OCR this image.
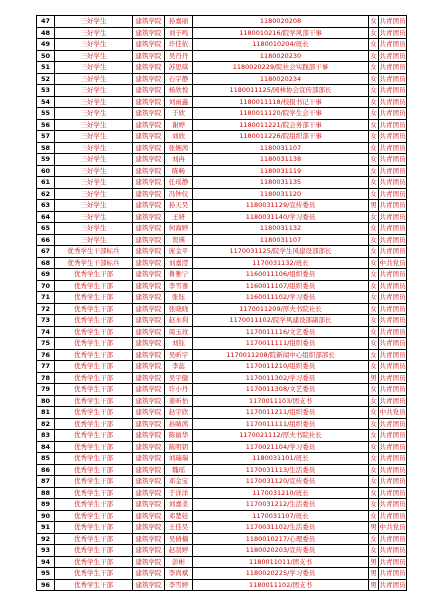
47	三好学生	建筑学院	孙嘉丽	1180020208	女	共青团员
48	三好学生	建筑学院	刘子鸣	1180010216/院学风部干事	女	共青团员
49	三好学生	建筑学院	许佳依	1180010204/班长	女	共青团员
50	三好学生	建筑学院	吴丹丹	1180020230	女	共青团员
51	三好学生	建筑学院	苏思琪	1180020229/院社会实践部干事	女	共青团员
52	三好学生	建筑学院	石宇静	1180020234	女	共青团员
53	三好学生	建筑学院	杨欣悦	1180011125/园林协会宣传部部长	女	共青团员
54	三好学生	建筑学院	刘雨鑫	1180011118/校报书记干事	女	共青团员
55	三好学生	建筑学院	于欣	1180011120/院学生会干事	女	共青团员
56	三好学生	建筑学院	谢婷	1180011221/院会务部干事	女	共青团员
57	三好学生	建筑学院	刘欣	1180011226/院组织部干事	女	共青团员
58	三好学生	建筑学院	张婉茜	1180031107	女	共青团员
59	三好学生	建筑学院	刘冉	1180031138	女	共青团员
60	三好学生	建筑学院	陈畅	1180031119	女	共青团员
61	三好学生	建筑学院	任瑶静	1180031135	女	共青团员
62	三好学生	建筑学院	冯钟仪	1180031120	女	共青团员
63	三好学生	建筑学院	孙天昊	1180031129/宣传委员	男	共青团员
64	三好学生	建筑学院	王妍	1180031140/学习委员	女	共青团员
65	三好学生	建筑学院	何海婷	1180031132	女	共青团员
66	三好学生	建筑学院	贺瑛	1180031107	女	共青团员
67	优秀学生干部标兵	建筑学院	庞金平	1170031125/院学生风建设部部长	女	共青团员
68	优秀学生干部标兵	建筑学院	刘嘉滢	1170031132/班长	女	中共党员
69	优秀学生干部	建筑学院	鲁雅宁	1160011106/组织委员	女	共青团员
70	优秀学生干部	建筑学院	李雪骞	1160011107/组织委员	女	共青团员
71	优秀学生干部	建筑学院	张钰	1160011102/学习委员	女	共青团员
72	优秀学生干部	建筑学院	张晓晓	1170011209/厚夫书院社长	女	共青团员
73	优秀学生干部	建筑学院	赵永利	1170011102/院学风建设部副部长	女	共青团员
74	优秀学生干部	建筑学院	周玉玫	1170011116/文艺委员	女	共青团员
75	优秀学生干部	建筑学院	刘钰	1170011111/组织委员	女	共青团员
76	优秀学生干部	建筑学院	吴昕宇	1170011208/院新闻中心组织部部长	女	共青团员
77	优秀学生干部	建筑学院	李蕊	1170011210/组织委员	女	共青团员
78	优秀学生干部	建筑学院	吴宇健	1170011302/学习委员	男	共青团员
79	优秀学生干部	建筑学院	许小丹	1170011308/文艺委员	女	共青团员
80	优秀学生干部	建筑学院	姜昕怡	1170011103/团支书	女	共青团员
81	优秀学生干部	建筑学院	赵宇欣	1170011211/组织委员	女	中共党员
82	优秀学生干部	建筑学院	孙睛茜	1170011111/组织委员	女	共青团员
83	优秀学生干部	建筑学院	陈丽华	1170021112/厚夫书院社长	女	共青团员
84	优秀学生干部	建筑学院	陈明钥	1170021104/学习委员	女	共青团员
85	优秀学生干部	建筑学院	刘瑞瑞	1180031101/班长	女	共青团员
86	优秀学生干部	建筑学院	魏瑶	1170031113/生活委员	女	共青团员
87	优秀学生干部	建筑学院	邓金宝	1170031120/宣传委员	女	共青团员
88	优秀学生干部	建筑学院	于洋洋	1170031210/班长	女	共青团员
89	优秀学生干部	建筑学院	刘嘉柔	1170031212/生活委员	女	共青团员
90	优秀学生干部	建筑学院	邓楚娃	1170031107/班长	女	共青团员
91	优秀学生干部	建筑学院	王佳昊	1170031102/生活委员	男	中共党员
92	优秀学生干部	建筑学院	吴倩楠	1180010217/心理委员	女	共青团员
93	优秀学生干部	建筑学院	赵羽婷	1180020203/宣传委员	女	共青团员
94	优秀学生干部	建筑学院	彭彬	1180011011/团支书	男	共青团员
95	优秀学生干部	建筑学院	李尚斌	1180020225/学习委员	男	共青团员
96	优秀学生干部	建筑学院	李雪婷	1180011102/团支书	男	共青团员
